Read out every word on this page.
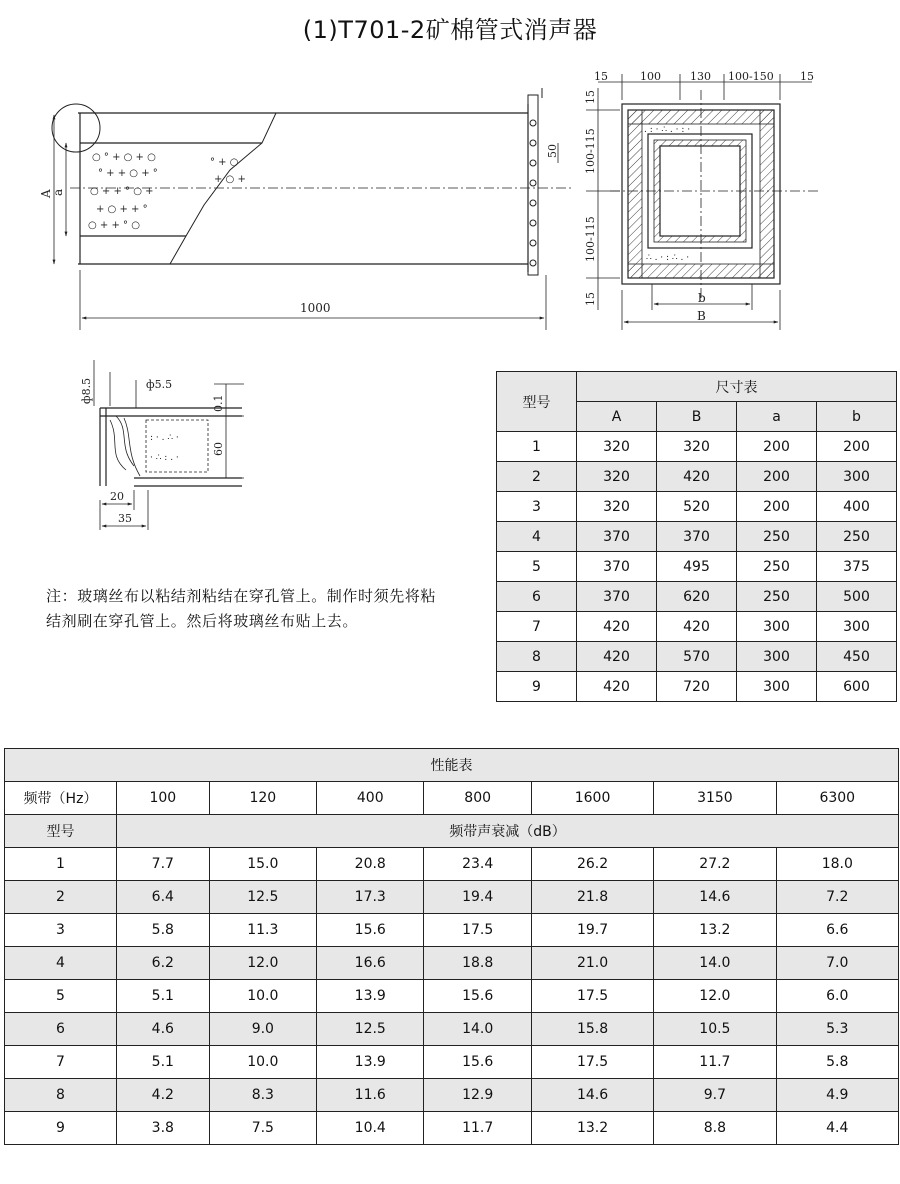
(1)T701-2矿棉管式消声器
○ ° + ○ + ○
° + + ○ + °
○ + + ° ○ +
+ ○ + + °
○ + + ° ○
° + ○
+ ○ +
1000
A
a
50
. : · ∴ . · : ·
∴ . · : ∴ . ·
15	100	130 100-150 15
15
100-115
100-115
15	b
B
: · . ∴ ·
· ∴ : . ·
ф8.5	ф5.5
0.1
60
20
35
注：玻璃丝布以粘结剂粘结在穿孔管上。制作时须先将粘结剂刷在穿孔管上。然后将玻璃丝布贴上去。
型号	尺寸表			
	A	B	a	b
1	320	320	200	200
2	320	420	200	300
3	320	520	200	400
4	370	370	250	250
5	370	495	250	375
6	370	620	250	500
7	420	420	300	300
8	420	570	300	450
9	420	720	300	600
性能表							
频带（Hz）	100	120	400	800	1600	3150	6300
型号	频带声衰减（dB）						
1	7.7	15.0	20.8	23.4	26.2	27.2	18.0
2	6.4	12.5	17.3	19.4	21.8	14.6	7.2
3	5.8	11.3	15.6	17.5	19.7	13.2	6.6
4	6.2	12.0	16.6	18.8	21.0	14.0	7.0
5	5.1	10.0	13.9	15.6	17.5	12.0	6.0
6	4.6	9.0	12.5	14.0	15.8	10.5	5.3
7	5.1	10.0	13.9	15.6	17.5	11.7	5.8
8	4.2	8.3	11.6	12.9	14.6	9.7	4.9
9	3.8	7.5	10.4	11.7	13.2	8.8	4.4
